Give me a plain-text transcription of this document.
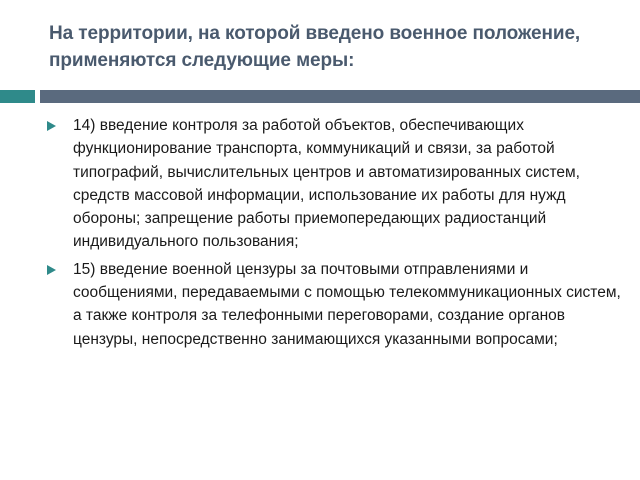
На территории, на которой введено военное положение, применяются следующие меры:
14) введение контроля за работой объектов, обеспечивающих функционирование транспорта, коммуникаций и связи, за работой типографий, вычислительных центров и автоматизированных систем, средств массовой информации, использование их работы для нужд обороны; запрещение работы приемопередающих радиостанций индивидуального пользования;
15) введение военной цензуры за почтовыми отправлениями и сообщениями, передаваемыми с помощью телекоммуникационных систем, а также контроля за телефонными переговорами, создание органов цензуры, непосредственно занимающихся указанными вопросами;
